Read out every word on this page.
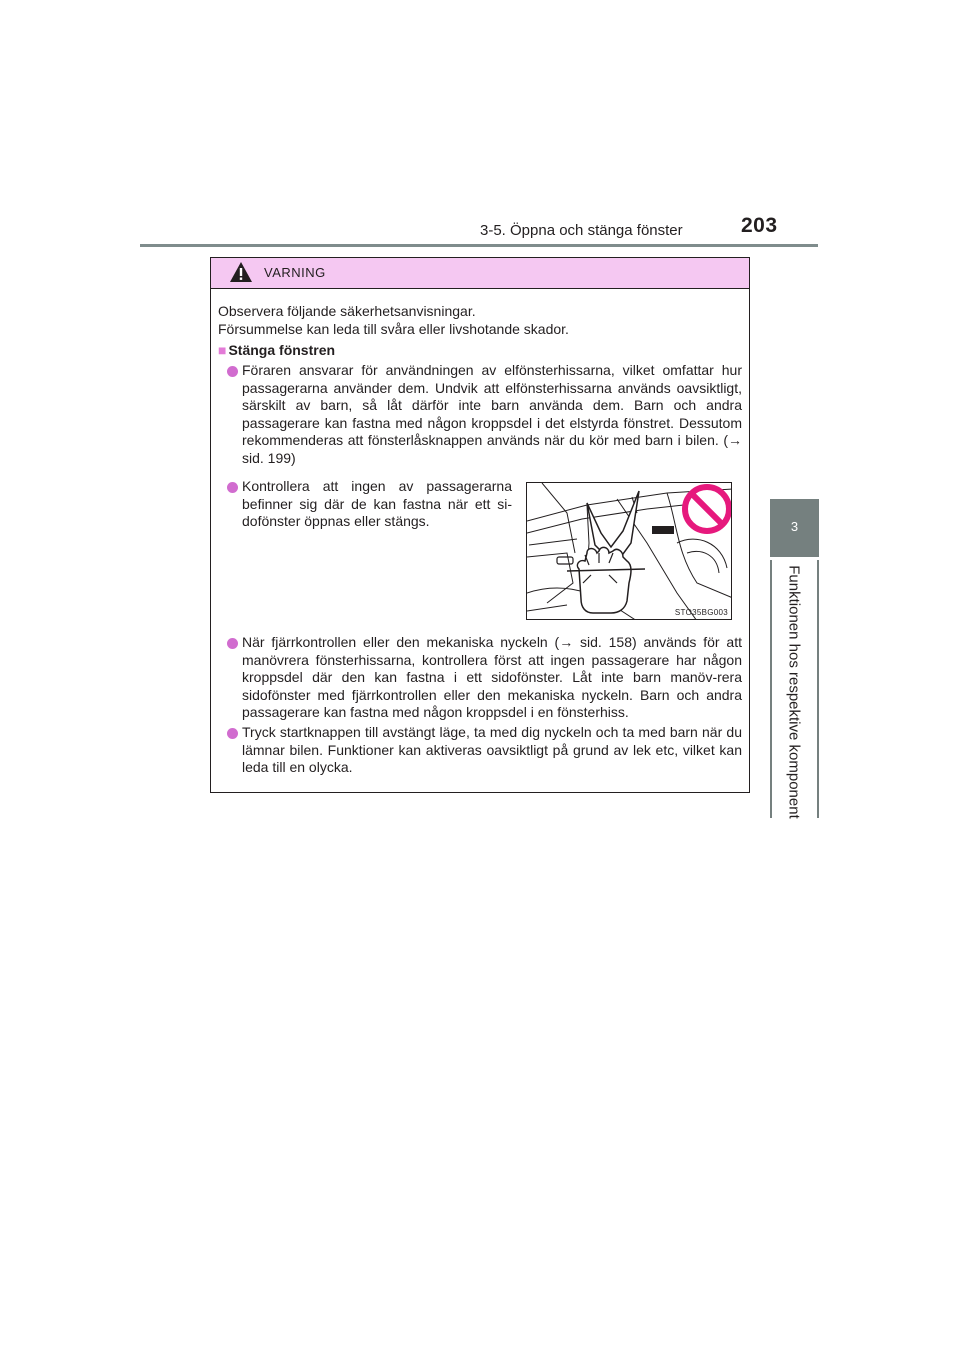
3-5. Öppna och stänga fönster	203
3
Funktionen hos respektive komponent
VARNING
Observera följande säkerhetsanvisningar.
Försummelse kan leda till svåra eller livshotande skador.
■ Stänga fönstren
Föraren ansvarar för användningen av elfönsterhissarna, vilket omfattar hur passagerarna använder dem. Undvik att elfönsterhissarna används oavsiktligt, särskilt av barn, så låt därför inte barn använda dem. Barn och andra passagerare kan fastna med någon kroppsdel i det elstyrda fönstret. Dessutom rekommenderas att fönsterlåsknappen används när du kör med barn i bilen. (→ sid. 199)
Kontrollera att ingen av passagerarna befinner sig där de kan fastna när ett si-dofönster öppnas eller stängs.
STO35BG003
När fjärrkontrollen eller den mekaniska nyckeln (→ sid. 158) används för att manövrera fönsterhissarna, kontrollera först att ingen passagerare har någon kroppsdel där den kan fastna i ett sidofönster. Låt inte barn manöv-rera sidofönster med fjärrkontrollen eller den mekaniska nyckeln. Barn och andra passagerare kan fastna med någon kroppsdel i en fönsterhiss.
Tryck startknappen till avstängt läge, ta med dig nyckeln och ta med barn när du lämnar bilen. Funktioner kan aktiveras oavsiktligt på grund av lek etc, vilket kan leda till en olycka.
